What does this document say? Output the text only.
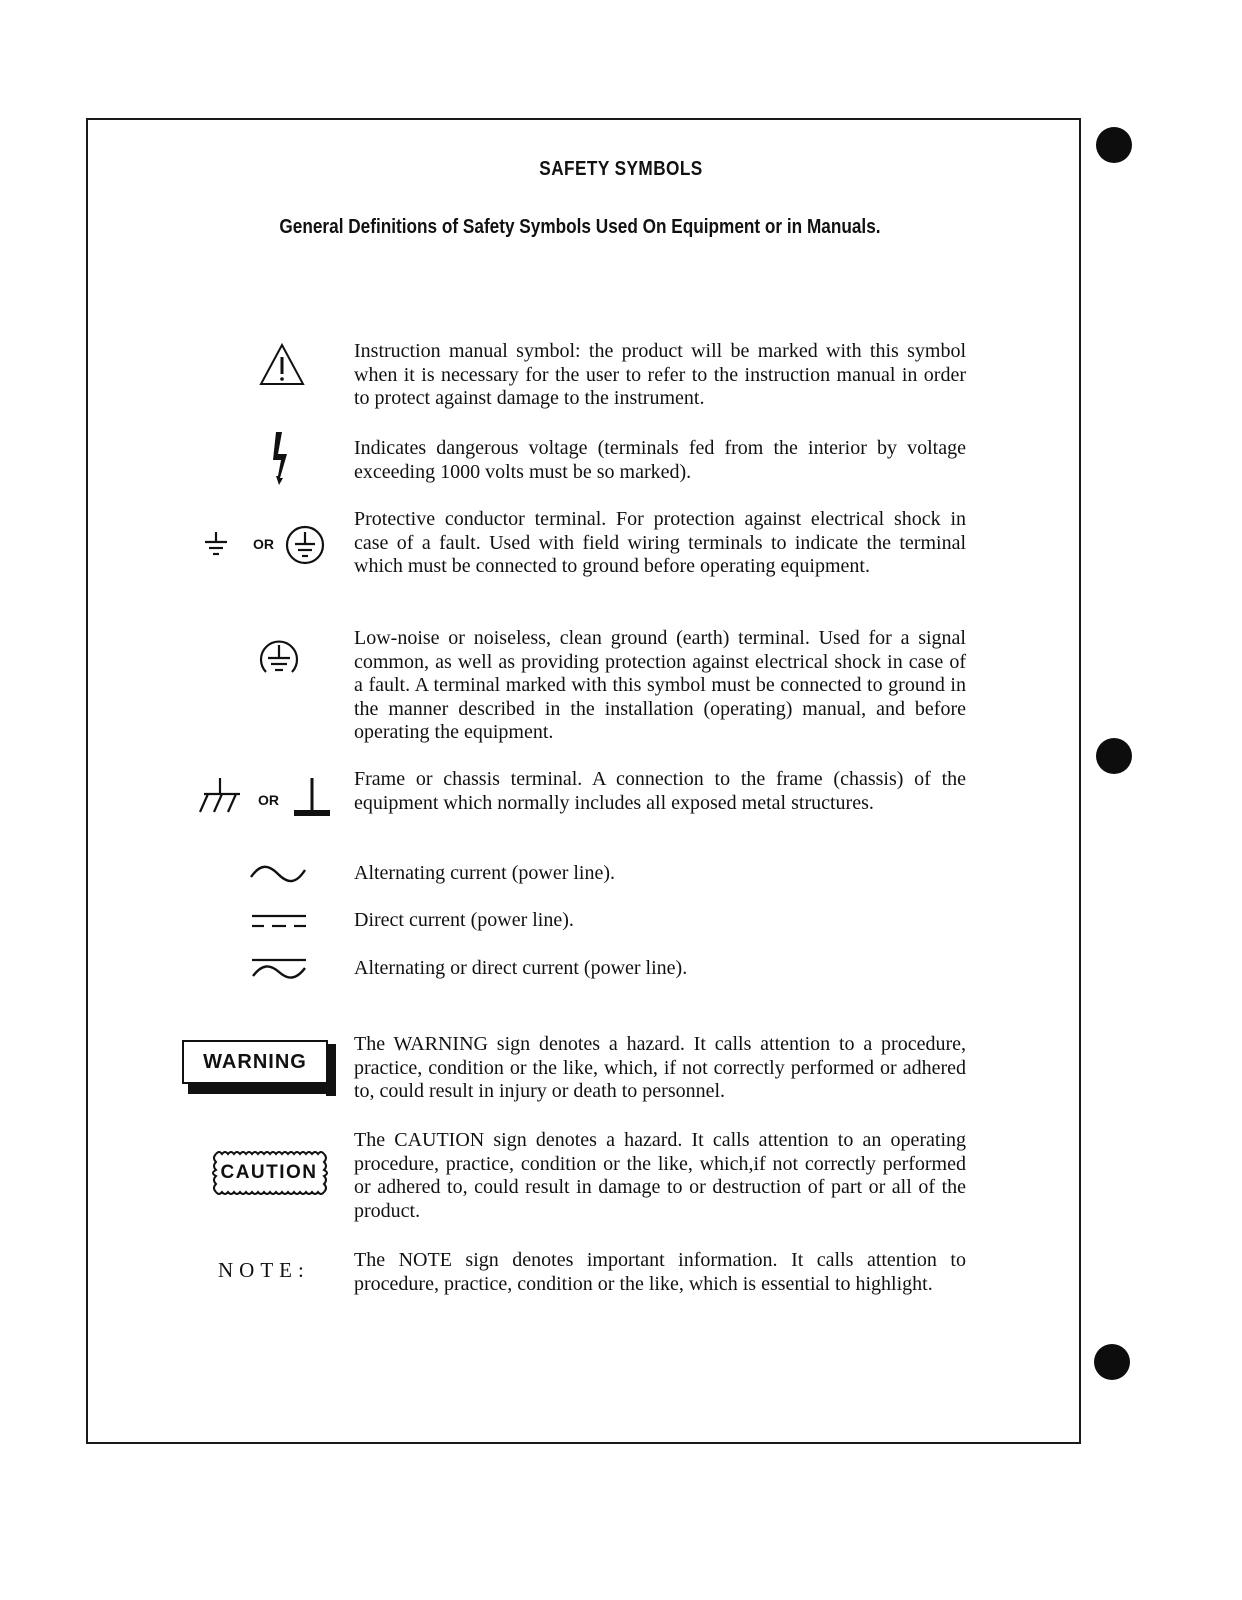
SAFETY SYMBOLS
General Definitions of Safety Symbols Used On Equipment or in Manuals.
Instruction manual symbol: the product will be marked with this symbol when it is necessary for the user to refer to the instruction manual in order to protect against damage to the instrument.
Indicates dangerous voltage (terminals fed from the interior by voltage exceeding 1000 volts must be so marked).
OR
Protective conductor terminal. For protection against electrical shock in case of a fault. Used with field wiring terminals to indicate the terminal which must be connected to ground before operating equipment.
Low-noise or noiseless, clean ground (earth) terminal. Used for a signal common, as well as providing protection against electrical shock in case of a fault. A terminal marked with this symbol must be connected to ground in the manner described in the installation (operating) manual, and before operating the equipment.
OR
Frame or chassis terminal. A connection to the frame (chassis) of the equipment which normally includes all exposed metal structures.
Alternating current (power line).
Direct current (power line).
Alternating or direct current (power line).
WARNING
The WARNING sign denotes a hazard. It calls attention to a procedure, practice, condition or the like, which, if not correctly performed or adhered to, could result in injury or death to personnel.
CAUTION
The CAUTION sign denotes a hazard. It calls attention to an operating procedure, practice, condition or the like, which,if not correctly performed or adhered to, could result in damage to or destruction of part or all of the product.
NOTE: The NOTE sign denotes important information. It calls attention to procedure, practice, condition or the like, which is essential to highlight.
